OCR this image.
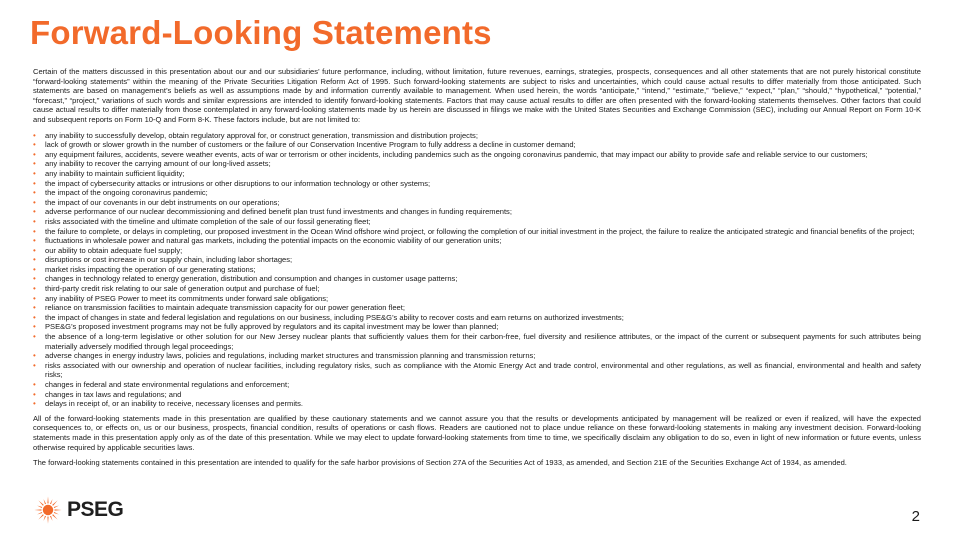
Forward-Looking Statements

Certain of the matters discussed in this presentation about our and our subsidiaries’ future performance, including, without limitation, future revenues, earnings, strategies, prospects, consequences and all other statements that are not purely historical constitute “forward-looking statements” within the meaning of the Private Securities Litigation Reform Act of 1995. Such forward-looking statements are subject to risks and uncertainties, which could cause actual results to differ materially from those anticipated. Such statements are based on management’s beliefs as well as assumptions made by and information currently available to management. When used herein, the words “anticipate,” “intend,” “estimate,” “believe,” “expect,” “plan,” “should,” “hypothetical,” “potential,” “forecast,” “project,” variations of such words and similar expressions are intended to identify forward-looking statements. Factors that may cause actual results to differ are often presented with the forward-looking statements themselves. Other factors that could cause actual results to differ materially from those contemplated in any forward-looking statements made by us herein are discussed in filings we make with the United States Securities and Exchange Commission (SEC), including our Annual Report on Form 10-K and subsequent reports on Form 10-Q and Form 8-K. These factors include, but are not limited to:

• any inability to successfully develop, obtain regulatory approval for, or construct generation, transmission and distribution projects;
• lack of growth or slower growth in the number of customers or the failure of our Conservation Incentive Program to fully address a decline in customer demand;
• any equipment failures, accidents, severe weather events, acts of war or terrorism or other incidents, including pandemics such as the ongoing coronavirus pandemic, that may impact our ability to provide safe and reliable service to our customers;
• any inability to recover the carrying amount of our long-lived assets;
• any inability to maintain sufficient liquidity;
• the impact of cybersecurity attacks or intrusions or other disruptions to our information technology or other systems;
• the impact of the ongoing coronavirus pandemic;
• the impact of our covenants in our debt instruments on our operations;
• adverse performance of our nuclear decommissioning and defined benefit plan trust fund investments and changes in funding requirements;
• risks associated with the timeline and ultimate completion of the sale of our fossil generating fleet;
• the failure to complete, or delays in completing, our proposed investment in the Ocean Wind offshore wind project, or following the completion of our initial investment in the project, the failure to realize the anticipated strategic and financial benefits of the project;
• fluctuations in wholesale power and natural gas markets, including the potential impacts on the economic viability of our generation units;
• our ability to obtain adequate fuel supply;
• disruptions or cost increase in our supply chain, including labor shortages;
• market risks impacting the operation of our generating stations;
• changes in technology related to energy generation, distribution and consumption and changes in customer usage patterns;
• third-party credit risk relating to our sale of generation output and purchase of fuel;
• any inability of PSEG Power to meet its commitments under forward sale obligations;
• reliance on transmission facilities to maintain adequate transmission capacity for our power generation fleet;
• the impact of changes in state and federal legislation and regulations on our business, including PSE&G’s ability to recover costs and earn returns on authorized investments;
• PSE&G’s proposed investment programs may not be fully approved by regulators and its capital investment may be lower than planned;
• the absence of a long-term legislative or other solution for our New Jersey nuclear plants that sufficiently values them for their carbon-free, fuel diversity and resilience attributes, or the impact of the current or subsequent payments for such attributes being materially adversely modified through legal proceedings;
• adverse changes in energy industry laws, policies and regulations, including market structures and transmission planning and transmission returns;
• risks associated with our ownership and operation of nuclear facilities, including regulatory risks, such as compliance with the Atomic Energy Act and trade control, environmental and other regulations, as well as financial, environmental and health and safety risks;
• changes in federal and state environmental regulations and enforcement;
• changes in tax laws and regulations; and
• delays in receipt of, or an inability to receive, necessary licenses and permits.

All of the forward-looking statements made in this presentation are qualified by these cautionary statements and we cannot assure you that the results or developments anticipated by management will be realized or even if realized, will have the expected consequences to, or effects on, us or our business, prospects, financial condition, results of operations or cash flows. Readers are cautioned not to place undue reliance on these forward-looking statements in making any investment decision. Forward-looking statements made in this presentation apply only as of the date of this presentation. While we may elect to update forward-looking statements from time to time, we specifically disclaim any obligation to do so, even in light of new information or future events, unless otherwise required by applicable securities laws.

The forward-looking statements contained in this presentation are intended to qualify for the safe harbor provisions of Section 27A of the Securities Act of 1933, as amended, and Section 21E of the Securities Exchange Act of 1934, as amended.

PSEG	2
